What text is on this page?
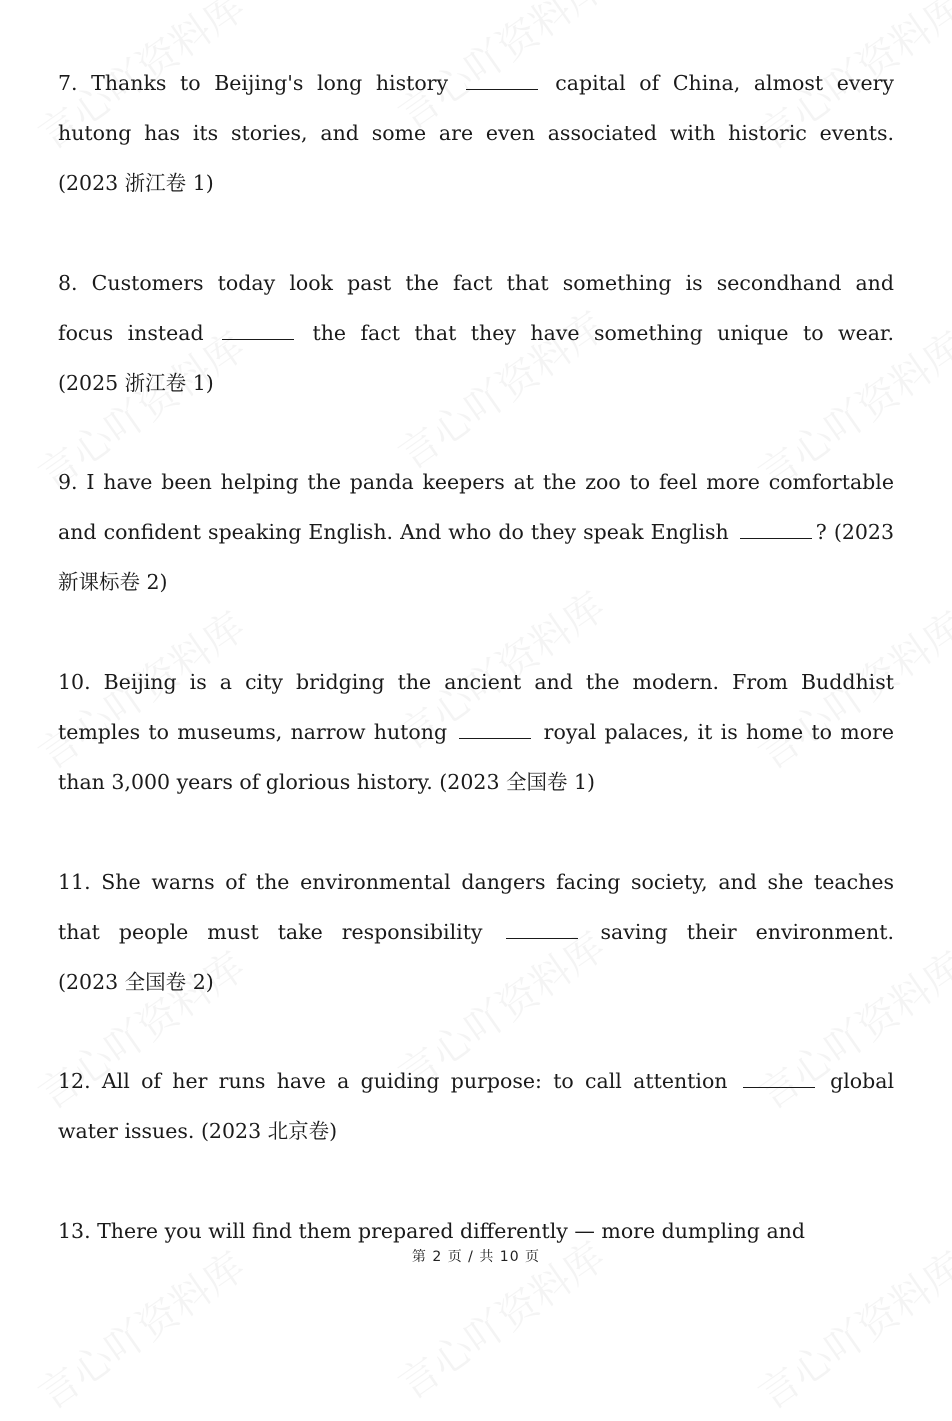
7. Thanks to Beijing's long history	capital of China, almost every

hutong has its stories, and some are even associated with historic events.

(2023 浙江卷 1)

8. Customers today look past the fact that something is secondhand and

focus instead	the fact that they have something unique to wear.

(2025 浙江卷 1)

9. I have been helping the panda keepers at the zoo to feel more comfortable

and confident speaking English. And who do they speak English	? (2023

新课标卷 2)

10. Beijing is a city bridging the ancient and the modern. From Buddhist

temples to museums, narrow hutong	royal palaces, it is home to more

than 3,000 years of glorious history. (2023 全国卷 1)

11. She warns of the environmental dangers facing society, and she teaches

that people must take responsibility	saving their environment.

(2023 全国卷 2)

12. All of her runs have a guiding purpose: to call attention	global

water issues. (2023 北京卷)

13. There you will find them prepared differently — more dumpling and

第 2 页 / 共 10 页
